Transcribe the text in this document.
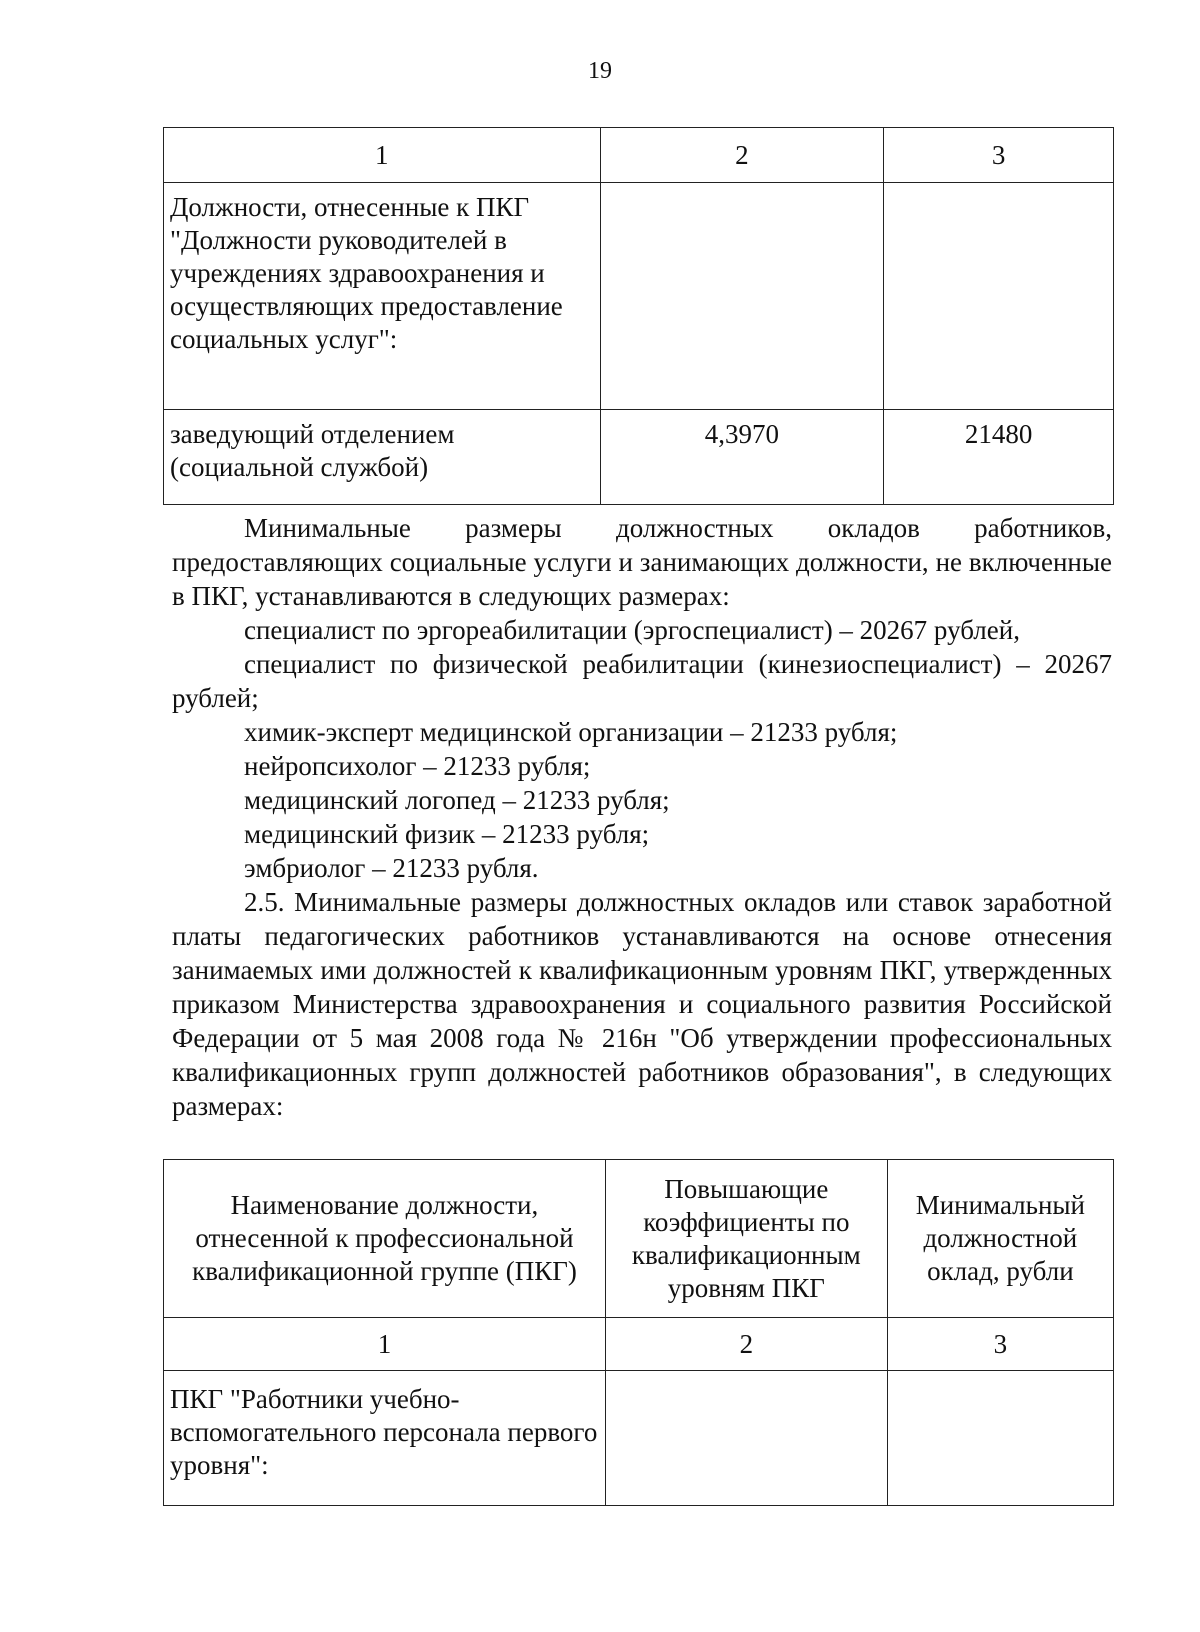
19
1	2	3
Должности, отнесенные к ПКГ "Должности руководителей в учреждениях здравоохранения и осуществляющих предоставление социальных услуг":		
заведующий отделением (социальной службой)	4,3970	21480

Минимальные размеры должностных окладов работников, предоставляющих социальные услуги и занимающих должности, не включенные в ПКГ, устанавливаются в следующих размерах:

специалист по эргореабилитации (эргоспециалист) – 20267 рублей,

специалист по физической реабилитации (кинезиоспециалист) – 20267 рублей;

химик-эксперт медицинской организации – 21233 рубля;

нейропсихолог – 21233 рубля;

медицинский логопед – 21233 рубля;

медицинский физик – 21233 рубля;

эмбриолог – 21233 рубля.

2.5. Минимальные размеры должностных окладов или ставок заработной платы педагогических работников устанавливаются на основе отнесения занимаемых ими должностей к квалификационным уровням ПКГ, утвержденных приказом Министерства здравоохранения и социального развития Российской Федерации от 5 мая 2008 года № 216н "Об утверждении профессиональных квалификационных групп должностей работников образования", в следующих размерах:

Наименование должности, отнесенной к профессиональной квалификационной группе (ПКГ)	Повышающие коэффициенты по квалификационным уровням ПКГ	Минимальный должностной оклад, рубли
1	2	3
ПКГ "Работники учебно-вспомогательного персонала первого уровня":		
